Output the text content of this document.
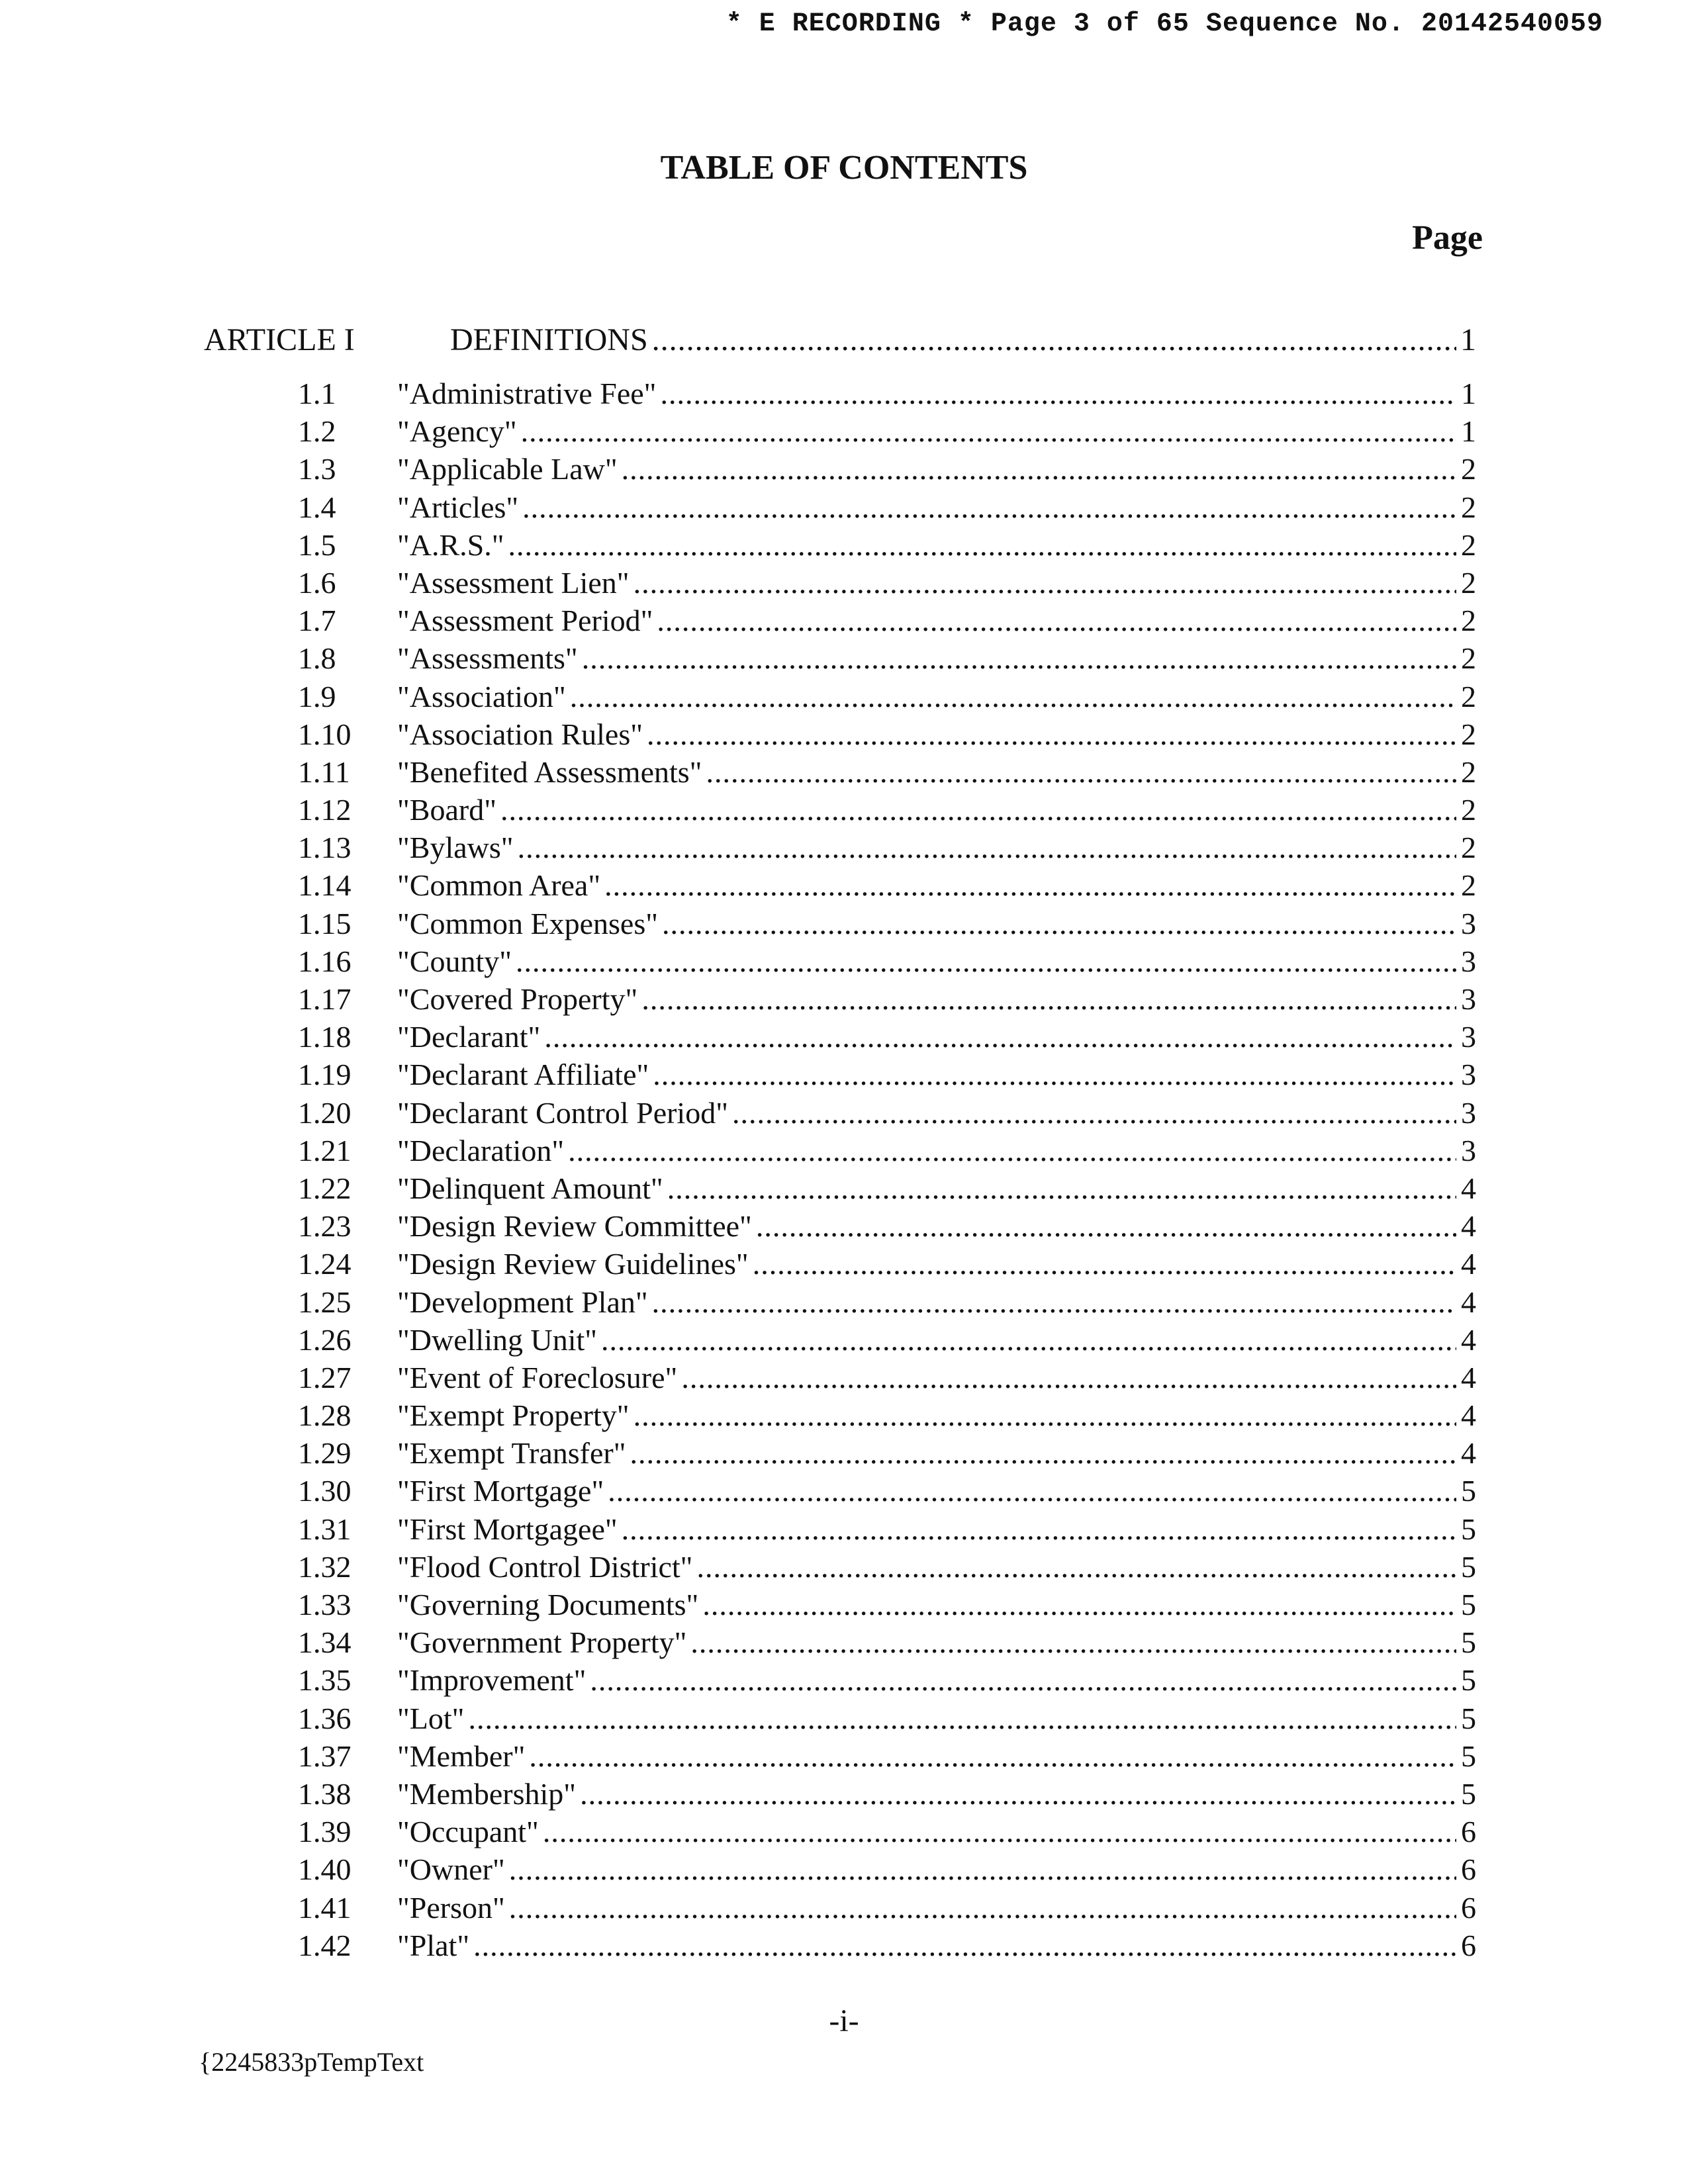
* E RECORDING * Page 3 of 65 Sequence No. 20142540059
TABLE OF CONTENTS
Page
ARTICLE I	DEFINITIONS .....	1
1.1 "Administrative Fee" .....	1
1.2 "Agency" .....	1
1.3 "Applicable Law" .....	2
1.4 "Articles" .....	2
1.5 "A.R.S." .....	2
1.6 "Assessment Lien" .....	2
1.7 "Assessment Period" .....	2
1.8 "Assessments" .....	2
1.9 "Association" .....	2
1.10 "Association Rules" .....	2
1.11 "Benefited Assessments" .....	2
1.12 "Board" .....	2
1.13 "Bylaws" .....	2
1.14 "Common Area" .....	2
1.15 "Common Expenses" .....	3
1.16 "County" .....	3
1.17 "Covered Property" .....	3
1.18 "Declarant" .....	3
1.19 "Declarant Affiliate" .....	3
1.20 "Declarant Control Period" .....	3
1.21 "Declaration" .....	3
1.22 "Delinquent Amount" .....	4
1.23 "Design Review Committee" .....	4
1.24 "Design Review Guidelines" .....	4
1.25 "Development Plan" .....	4
1.26 "Dwelling Unit" .....	4
1.27 "Event of Foreclosure" .....	4
1.28 "Exempt Property" .....	4
1.29 "Exempt Transfer" .....	4
1.30 "First Mortgage" .....	5
1.31 "First Mortgagee" .....	5
1.32 "Flood Control District" .....	5
1.33 "Governing Documents" .....	5
1.34 "Government Property" .....	5
1.35 "Improvement" .....	5
1.36 "Lot" .....	5
1.37 "Member" .....	5
1.38 "Membership" .....	5
1.39 "Occupant" .....	6
1.40 "Owner" .....	6
1.41 "Person" .....	6
1.42 "Plat" .....	6
-i-
{2245833pTempText
